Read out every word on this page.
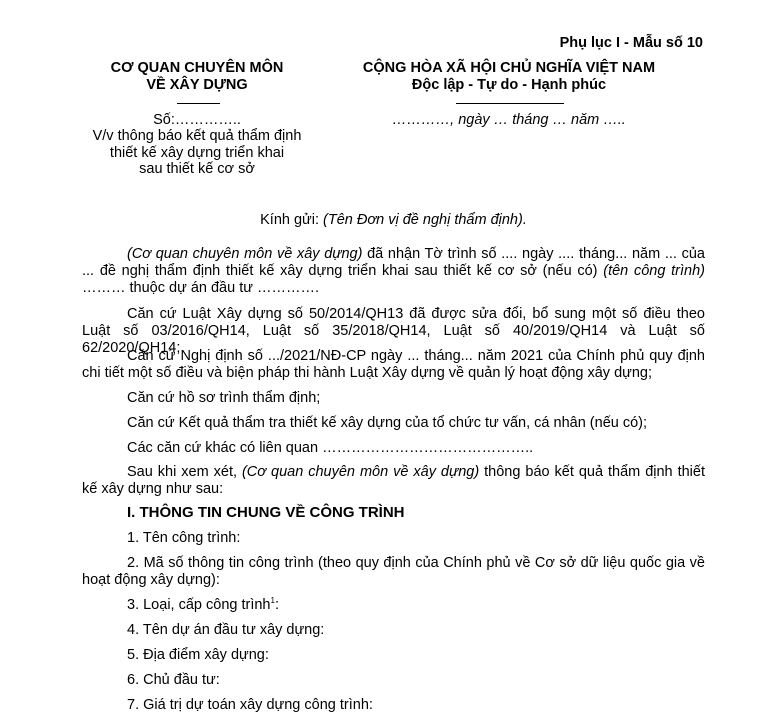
Phụ lục I - Mẫu số 10
CƠ QUAN CHUYÊN MÔN
VỀ XÂY DỰNG
Số:…………..
V/v thông báo kết quả thẩm định
thiết kế xây dựng triển khai
sau thiết kế cơ sở
CỘNG HÒA XÃ HỘI CHỦ NGHĨA VIỆT NAM
Độc lập - Tự do - Hạnh phúc
…………, ngày … tháng … năm …..
Kính gửi: (Tên Đơn vị đề nghị thẩm định).
(Cơ quan chuyên môn về xây dựng) đã nhận Tờ trình số .... ngày .... tháng... năm ... của ... đề nghị thẩm định thiết kế xây dựng triển khai sau thiết kế cơ sở (nếu có) (tên công trình) ……… thuộc dự án đầu tư ………….
Căn cứ Luật Xây dựng số 50/2014/QH13 đã được sửa đổi, bổ sung một số điều theo Luật số 03/2016/QH14, Luật số 35/2018/QH14, Luật số 40/2019/QH14 và Luật số 62/2020/QH14;
Căn cứ Nghị định số .../2021/NĐ-CP ngày ... tháng... năm 2021 của Chính phủ quy định chi tiết một số điều và biện pháp thi hành Luật Xây dựng về quản lý hoạt động xây dựng;
Căn cứ hồ sơ trình thẩm định;
Căn cứ Kết quả thẩm tra thiết kế xây dựng của tổ chức tư vấn, cá nhân (nếu có);
Các căn cứ khác có liên quan ……………………………………..
Sau khi xem xét, (Cơ quan chuyên môn về xây dựng) thông báo kết quả thẩm định thiết kế xây dựng như sau:
I. THÔNG TIN CHUNG VỀ CÔNG TRÌNH
1. Tên công trình:
2. Mã số thông tin công trình (theo quy định của Chính phủ về Cơ sở dữ liệu quốc gia về hoạt động xây dựng):
3. Loại, cấp công trình$^1$:
4. Tên dự án đầu tư xây dựng:
5. Địa điểm xây dựng:
6. Chủ đầu tư:
7. Giá trị dự toán xây dựng công trình:
